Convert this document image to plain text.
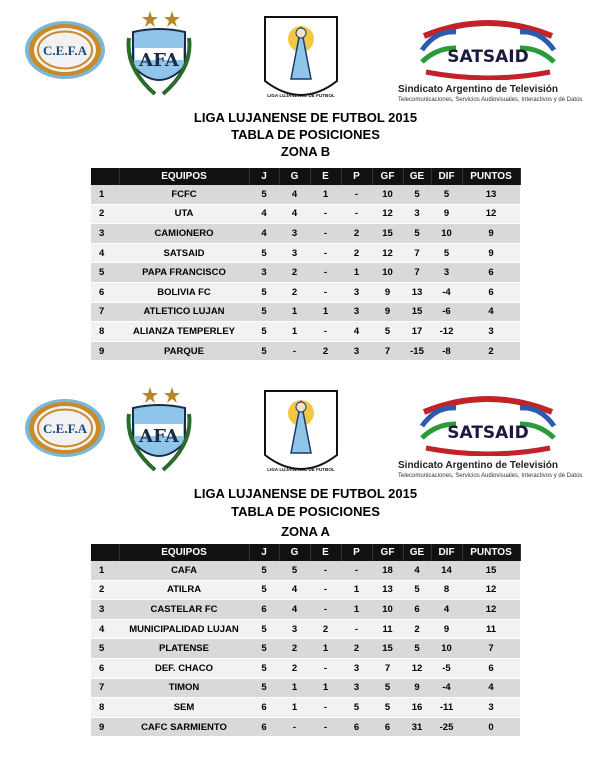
C.E.F.A	AFA
LIGA LUJANENSE DE FUTBOL
SATSAID
Sindicato Argentino de Televisión
Telecomunicaciones, Servicios Audiovisuales, Interactivos y de Datos
LIGA LUJANENSE DE FUTBOL 2015
TABLA DE POSICIONES
ZONA B
	EQUIPOS	J	G	E	P	GF	GE	DIF	PUNTOS
1	FCFC	5	4	1	-	10	5	5	13
2	UTA	4	4	-	-	12	3	9	12
3	CAMIONERO	4	3	-	2	15	5	10	9
4	SATSAID	5	3	-	2	12	7	5	9
5	PAPA FRANCISCO	3	2	-	1	10	7	3	6
6	BOLIVIA FC	5	2	-	3	9	13	-4	6
7	ATLETICO LUJAN	5	1	1	3	9	15	-6	4
8	ALIANZA TEMPERLEY	5	1	-	4	5	17	-12	3
9	PARQUE	5	-	2	3	7	-15	-8	2
C.E.F.A	AFA
LIGA LUJANENSE DE FUTBOL
SATSAID
Sindicato Argentino de Televisión
Telecomunicaciones, Servicios Audiovisuales, Interactivos y de Datos
LIGA LUJANENSE DE FUTBOL 2015
TABLA DE POSICIONES
ZONA A
	EQUIPOS	J	G	E	P	GF	GE	DIF	PUNTOS
1	CAFA	5	5	-	-	18	4	14	15
2	ATILRA	5	4	-	1	13	5	8	12
3	CASTELAR FC	6	4	-	1	10	6	4	12
4	MUNICIPALIDAD LUJAN	5	3	2	-	11	2	9	11
5	PLATENSE	5	2	1	2	15	5	10	7
6	DEF. CHACO	5	2	-	3	7	12	-5	6
7	TIMON	5	1	1	3	5	9	-4	4
8	SEM	6	1	-	5	5	16	-11	3
9	CAFC SARMIENTO	6	-	-	6	6	31	-25	0
